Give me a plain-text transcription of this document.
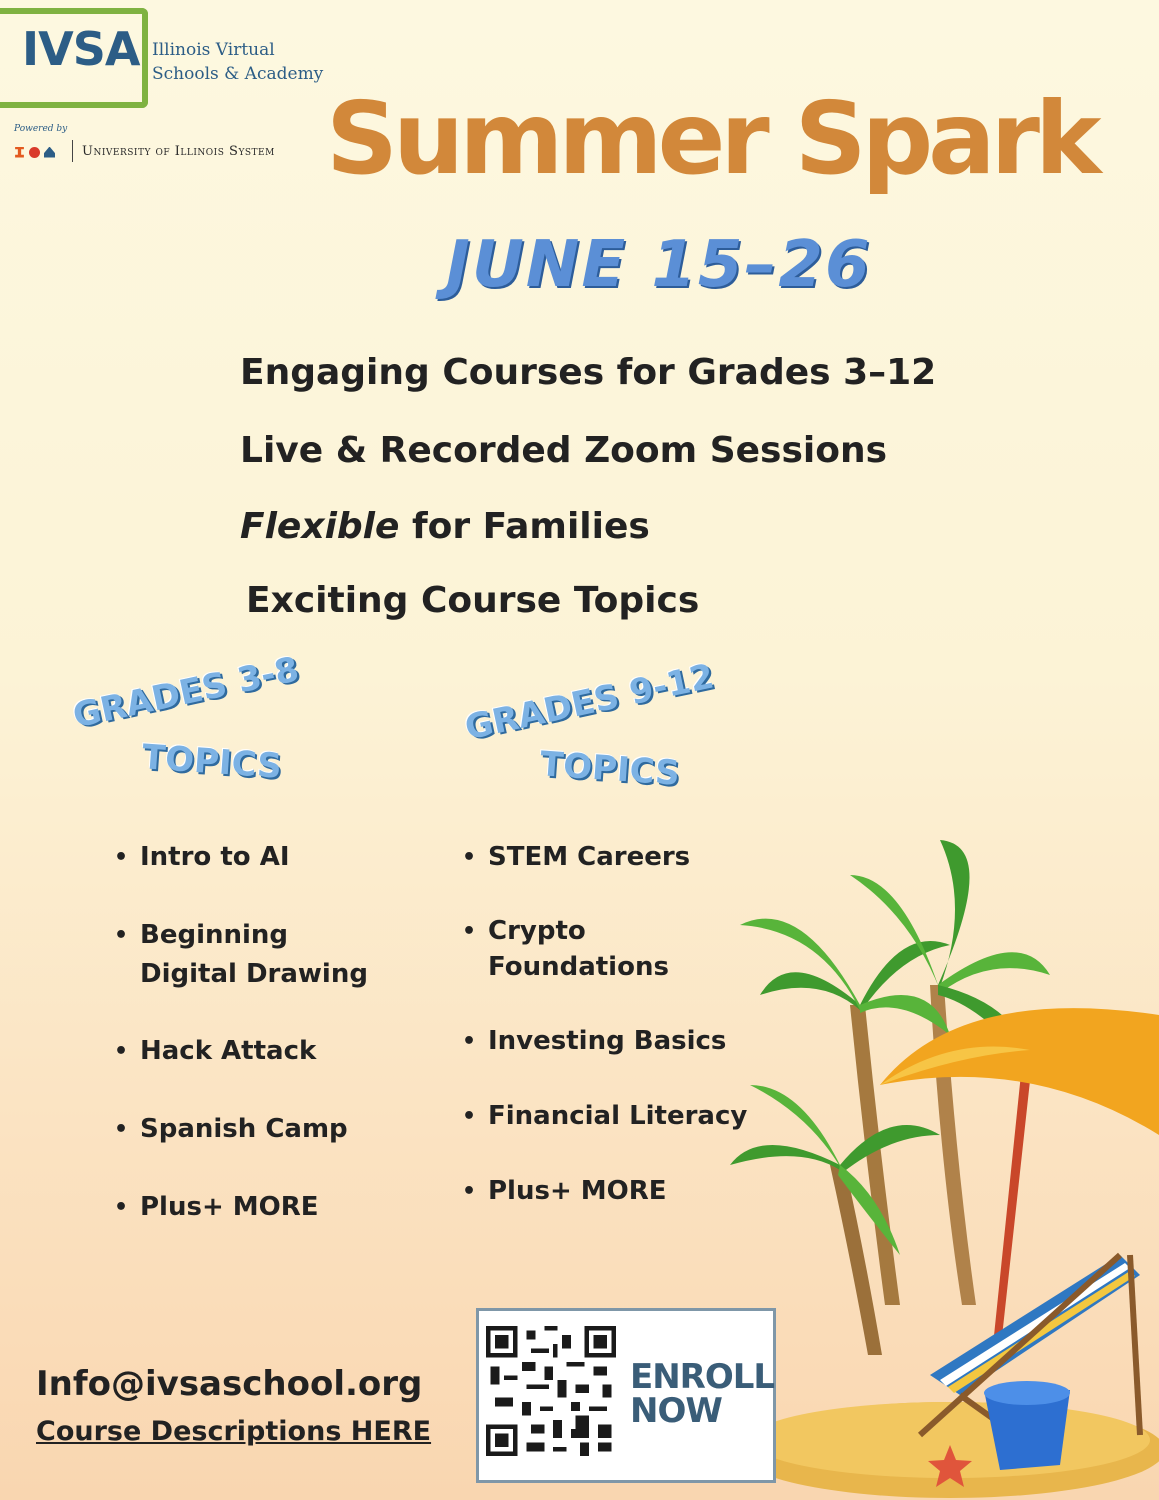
IVSA Illinois Virtual
Schools & Academy
Powered by
University of Illinois System Summer Spark
JUNE 15–26
Engaging Courses for Grades 3–12
Live & Recorded Zoom Sessions
Flexible for Families
Exciting Course Topics
GRADES 3-8
TOPICS
GRADES 9-12
TOPICS
• Intro to AI
• Beginning
Digital Drawing
• Hack Attack
• Spanish Camp
• Plus+ MORE
• STEM Careers
• Crypto
Foundations
• Investing Basics
• Financial Literacy
• Plus+ MORE
Info@ivsaschool.org
Course Descriptions HERE
ENROLL
NOW
